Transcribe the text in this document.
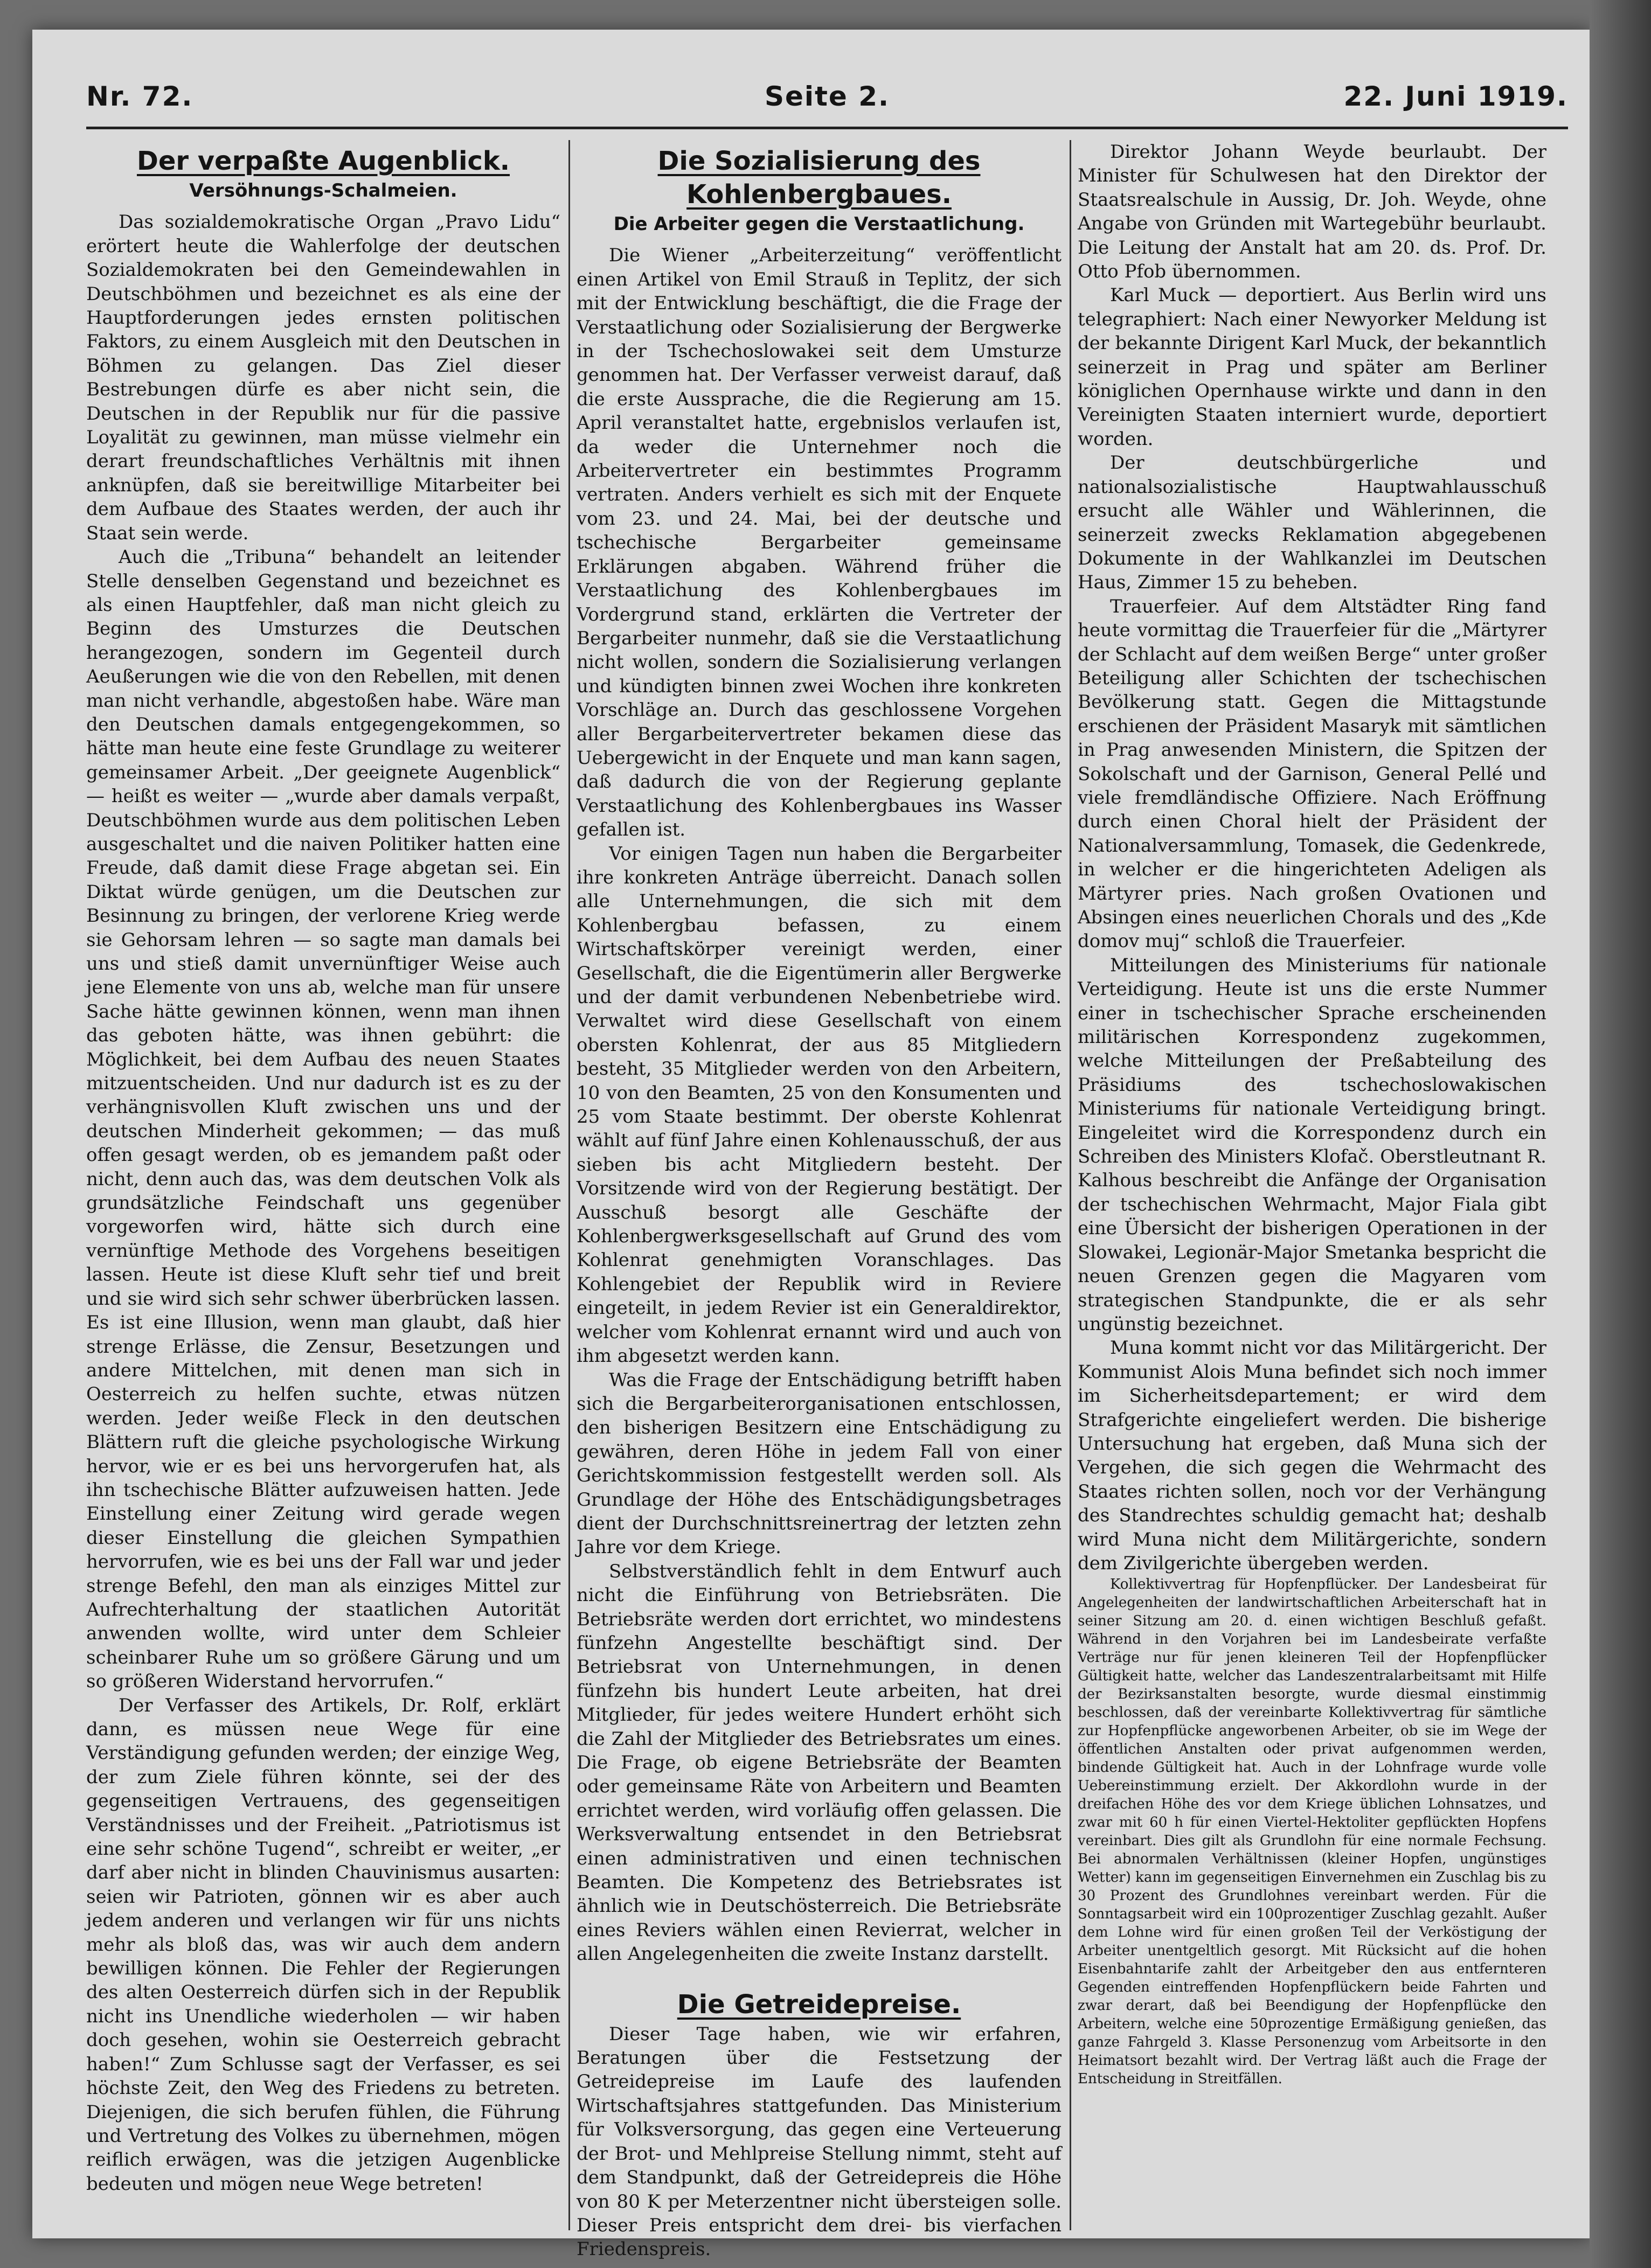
Nr. 72.	Seite 2.	22. Juni 1919.
Der verpaßte Augenblick.
Versöhnungs-Schalmeien.

Das sozialdemokratische Organ „Pravo Lidu“ erörtert heute die Wahlerfolge der deutschen Sozialdemokraten bei den Gemeindewahlen in Deutschböhmen und bezeichnet es als eine der Hauptforderungen jedes ernsten politischen Faktors, zu einem Ausgleich mit den Deutschen in Böhmen zu gelangen. Das Ziel dieser Bestrebungen dürfe es aber nicht sein, die Deutschen in der Republik nur für die passive Loyalität zu gewinnen, man müsse vielmehr ein derart freundschaftliches Verhältnis mit ihnen anknüpfen, daß sie bereitwillige Mitarbeiter bei dem Aufbaue des Staates werden, der auch ihr Staat sein werde.

Auch die „Tribuna“ behandelt an leitender Stelle denselben Gegenstand und bezeichnet es als einen Hauptfehler, daß man nicht gleich zu Beginn des Umsturzes die Deutschen herangezogen, sondern im Gegenteil durch Aeußerungen wie die von den Rebellen, mit denen man nicht verhandle, abgestoßen habe. Wäre man den Deutschen damals entgegengekommen, so hätte man heute eine feste Grundlage zu weiterer gemeinsamer Arbeit. „Der geeignete Augenblick“ — heißt es weiter — „wurde aber damals verpaßt, Deutschböhmen wurde aus dem politischen Leben ausgeschaltet und die naiven Politiker hatten eine Freude, daß damit diese Frage abgetan sei. Ein Diktat würde genügen, um die Deutschen zur Besinnung zu bringen, der verlorene Krieg werde sie Gehorsam lehren — so sagte man damals bei uns und stieß damit unvernünftiger Weise auch jene Elemente von uns ab, welche man für unsere Sache hätte gewinnen können, wenn man ihnen das geboten hätte, was ihnen gebührt: die Möglichkeit, bei dem Aufbau des neuen Staates mitzuentscheiden. Und nur dadurch ist es zu der verhängnisvollen Kluft zwischen uns und der deutschen Minderheit gekommen; — das muß offen gesagt werden, ob es jemandem paßt oder nicht, denn auch das, was dem deutschen Volk als grundsätzliche Feindschaft uns gegenüber vorgeworfen wird, hätte sich durch eine vernünftige Methode des Vorgehens beseitigen lassen. Heute ist diese Kluft sehr tief und breit und sie wird sich sehr schwer überbrücken lassen. Es ist eine Illusion, wenn man glaubt, daß hier strenge Erlässe, die Zensur, Besetzungen und andere Mittelchen, mit denen man sich in Oesterreich zu helfen suchte, etwas nützen werden. Jeder weiße Fleck in den deutschen Blättern ruft die gleiche psychologische Wirkung hervor, wie er es bei uns hervorgerufen hat, als ihn tschechische Blätter aufzuweisen hatten. Jede Einstellung einer Zeitung wird gerade wegen dieser Einstellung die gleichen Sympathien hervorrufen, wie es bei uns der Fall war und jeder strenge Befehl, den man als einziges Mittel zur Aufrechterhaltung der staatlichen Autorität anwenden wollte, wird unter dem Schleier scheinbarer Ruhe um so größere Gärung und um so größeren Widerstand hervorrufen.“

Der Verfasser des Artikels, Dr. Rolf, erklärt dann, es müssen neue Wege für eine Verständigung gefunden werden; der einzige Weg, der zum Ziele führen könnte, sei der des gegenseitigen Vertrauens, des gegenseitigen Verständnisses und der Freiheit. „Patriotismus ist eine sehr schöne Tugend“, schreibt er weiter, „er darf aber nicht in blinden Chauvinismus ausarten: seien wir Patrioten, gönnen wir es aber auch jedem anderen und verlangen wir für uns nichts mehr als bloß das, was wir auch dem andern bewilligen können. Die Fehler der Regierungen des alten Oesterreich dürfen sich in der Republik nicht ins Unendliche wiederholen — wir haben doch gesehen, wohin sie Oesterreich gebracht haben!“ Zum Schlusse sagt der Verfasser, es sei höchste Zeit, den Weg des Friedens zu betreten. Diejenigen, die sich berufen fühlen, die Führung und Vertretung des Volkes zu übernehmen, mögen reiflich erwägen, was die jetzigen Augenblicke bedeuten und mögen neue Wege betreten!

Die Sozialisierung des Kohlenbergbaues.
Die Arbeiter gegen die Verstaatlichung.

Die Wiener „Arbeiterzeitung“ veröffentlicht einen Artikel von Emil Strauß in Teplitz, der sich mit der Entwicklung beschäftigt, die die Frage der Verstaatlichung oder Sozialisierung der Bergwerke in der Tschechoslowakei seit dem Umsturze genommen hat. Der Verfasser verweist darauf, daß die erste Aussprache, die die Regierung am 15. April veranstaltet hatte, ergebnislos verlaufen ist, da weder die Unternehmer noch die Arbeitervertreter ein bestimmtes Programm vertraten. Anders verhielt es sich mit der Enquete vom 23. und 24. Mai, bei der deutsche und tschechische Bergarbeiter gemeinsame Erklärungen abgaben. Während früher die Verstaatlichung des Kohlenbergbaues im Vordergrund stand, erklärten die Vertreter der Bergarbeiter nunmehr, daß sie die Verstaatlichung nicht wollen, sondern die Sozialisierung verlangen und kündigten binnen zwei Wochen ihre konkreten Vorschläge an. Durch das geschlossene Vorgehen aller Bergarbeitervertreter bekamen diese das Uebergewicht in der Enquete und man kann sagen, daß dadurch die von der Regierung geplante Verstaatlichung des Kohlenbergbaues ins Wasser gefallen ist.

Vor einigen Tagen nun haben die Bergarbeiter ihre konkreten Anträge überreicht. Danach sollen alle Unternehmungen, die sich mit dem Kohlenbergbau befassen, zu einem Wirtschaftskörper vereinigt werden, einer Gesellschaft, die die Eigentümerin aller Bergwerke und der damit verbundenen Nebenbetriebe wird. Verwaltet wird diese Gesellschaft von einem obersten Kohlenrat, der aus 85 Mitgliedern besteht, 35 Mitglieder werden von den Arbeitern, 10 von den Beamten, 25 von den Konsumenten und 25 vom Staate bestimmt. Der oberste Kohlenrat wählt auf fünf Jahre einen Kohlenausschuß, der aus sieben bis acht Mitgliedern besteht. Der Vorsitzende wird von der Regierung bestätigt. Der Ausschuß besorgt alle Geschäfte der Kohlenbergwerksgesellschaft auf Grund des vom Kohlenrat genehmigten Voranschlages. Das Kohlengebiet der Republik wird in Reviere eingeteilt, in jedem Revier ist ein Generaldirektor, welcher vom Kohlenrat ernannt wird und auch von ihm abgesetzt werden kann.

Was die Frage der Entschädigung betrifft haben sich die Bergarbeiterorganisationen entschlossen, den bisherigen Besitzern eine Entschädigung zu gewähren, deren Höhe in jedem Fall von einer Gerichtskommission festgestellt werden soll. Als Grundlage der Höhe des Entschädigungsbetrages dient der Durchschnittsreinertrag der letzten zehn Jahre vor dem Kriege.

Selbstverständlich fehlt in dem Entwurf auch nicht die Einführung von Betriebsräten. Die Betriebsräte werden dort errichtet, wo mindestens fünfzehn Angestellte beschäftigt sind. Der Betriebsrat von Unternehmungen, in denen fünfzehn bis hundert Leute arbeiten, hat drei Mitglieder, für jedes weitere Hundert erhöht sich die Zahl der Mitglieder des Betriebsrates um eines. Die Frage, ob eigene Betriebsräte der Beamten oder gemeinsame Räte von Arbeitern und Beamten errichtet werden, wird vorläufig offen gelassen. Die Werksverwaltung entsendet in den Betriebsrat einen administrativen und einen technischen Beamten. Die Kompetenz des Betriebsrates ist ähnlich wie in Deutschösterreich. Die Betriebsräte eines Reviers wählen einen Revierrat, welcher in allen Angelegenheiten die zweite Instanz darstellt.

Die Getreidepreise.

Dieser Tage haben, wie wir erfahren, Beratungen über die Festsetzung der Getreidepreise im Laufe des laufenden Wirtschaftsjahres stattgefunden. Das Ministerium für Volksversorgung, das gegen eine Verteuerung der Brot- und Mehlpreise Stellung nimmt, steht auf dem Standpunkt, daß der Getreidepreis die Höhe von 80 K per Meterzentner nicht übersteigen solle. Dieser Preis entspricht dem drei- bis vierfachen Friedenspreis.

Direktor Johann Weyde beurlaubt. Der Minister für Schulwesen hat den Direktor der Staatsrealschule in Aussig, Dr. Joh. Weyde, ohne Angabe von Gründen mit Wartegebühr beurlaubt. Die Leitung der Anstalt hat am 20. ds. Prof. Dr. Otto Pfob übernommen.

Karl Muck — deportiert. Aus Berlin wird uns telegraphiert: Nach einer Newyorker Meldung ist der bekannte Dirigent Karl Muck, der bekanntlich seinerzeit in Prag und später am Berliner königlichen Opernhause wirkte und dann in den Vereinigten Staaten interniert wurde, deportiert worden.

Der deutschbürgerliche und nationalsozialistische Hauptwahlausschuß ersucht alle Wähler und Wählerinnen, die seinerzeit zwecks Reklamation abgegebenen Dokumente in der Wahlkanzlei im Deutschen Haus, Zimmer 15 zu beheben.

Trauerfeier. Auf dem Altstädter Ring fand heute vormittag die Trauerfeier für die „Märtyrer der Schlacht auf dem weißen Berge“ unter großer Beteiligung aller Schichten der tschechischen Bevölkerung statt. Gegen die Mittagstunde erschienen der Präsident Masaryk mit sämtlichen in Prag anwesenden Ministern, die Spitzen der Sokolschaft und der Garnison, General Pellé und viele fremdländische Offiziere. Nach Eröffnung durch einen Choral hielt der Präsident der Nationalversammlung, Tomasek, die Gedenkrede, in welcher er die hingerichteten Adeligen als Märtyrer pries. Nach großen Ovationen und Absingen eines neuerlichen Chorals und des „Kde domov muj“ schloß die Trauerfeier.

Mitteilungen des Ministeriums für nationale Verteidigung. Heute ist uns die erste Nummer einer in tschechischer Sprache erscheinenden militärischen Korrespondenz zugekommen, welche Mitteilungen der Preßabteilung des Präsidiums des tschechoslowakischen Ministeriums für nationale Verteidigung bringt. Eingeleitet wird die Korrespondenz durch ein Schreiben des Ministers Klofač. Oberstleutnant R. Kalhous beschreibt die Anfänge der Organisation der tschechischen Wehrmacht, Major Fiala gibt eine Übersicht der bisherigen Operationen in der Slowakei, Legionär-Major Smetanka bespricht die neuen Grenzen gegen die Magyaren vom strategischen Standpunkte, die er als sehr ungünstig bezeichnet.

Muna kommt nicht vor das Militärgericht. Der Kommunist Alois Muna befindet sich noch immer im Sicherheitsdepartement; er wird dem Strafgerichte eingeliefert werden. Die bisherige Untersuchung hat ergeben, daß Muna sich der Vergehen, die sich gegen die Wehrmacht des Staates richten sollen, noch vor der Verhängung des Standrechtes schuldig gemacht hat; deshalb wird Muna nicht dem Militärgerichte, sondern dem Zivilgerichte übergeben werden.

Kollektivvertrag für Hopfenpflücker. Der Landesbeirat für Angelegenheiten der landwirtschaftlichen Arbeiterschaft hat in seiner Sitzung am 20. d. einen wichtigen Beschluß gefaßt. Während in den Vorjahren bei im Landesbeirate verfaßte Verträge nur für jenen kleineren Teil der Hopfenpflücker Gültigkeit hatte, welcher das Landeszentralarbeitsamt mit Hilfe der Bezirksanstalten besorgte, wurde diesmal einstimmig beschlossen, daß der vereinbarte Kollektivvertrag für sämtliche zur Hopfenpflücke angeworbenen Arbeiter, ob sie im Wege der öffentlichen Anstalten oder privat aufgenommen werden, bindende Gültigkeit hat. Auch in der Lohnfrage wurde volle Uebereinstimmung erzielt. Der Akkordlohn wurde in der dreifachen Höhe des vor dem Kriege üblichen Lohnsatzes, und zwar mit 60 h für einen Viertel-Hektoliter gepflückten Hopfens vereinbart. Dies gilt als Grundlohn für eine normale Fechsung. Bei abnormalen Verhältnissen (kleiner Hopfen, ungünstiges Wetter) kann im gegenseitigen Einvernehmen ein Zuschlag bis zu 30 Prozent des Grundlohnes vereinbart werden. Für die Sonntagsarbeit wird ein 100prozentiger Zuschlag gezahlt. Außer dem Lohne wird für einen großen Teil der Verköstigung der Arbeiter unentgeltlich gesorgt. Mit Rücksicht auf die hohen Eisenbahntarife zahlt der Arbeitgeber den aus entfernteren Gegenden eintreffenden Hopfenpflückern beide Fahrten und zwar derart, daß bei Beendigung der Hopfenpflücke den Arbeitern, welche eine 50prozentige Ermäßigung genießen, das ganze Fahrgeld 3. Klasse Personenzug vom Arbeitsorte in den Heimatsort bezahlt wird. Der Vertrag läßt auch die Frage der Entscheidung in Streitfällen.
